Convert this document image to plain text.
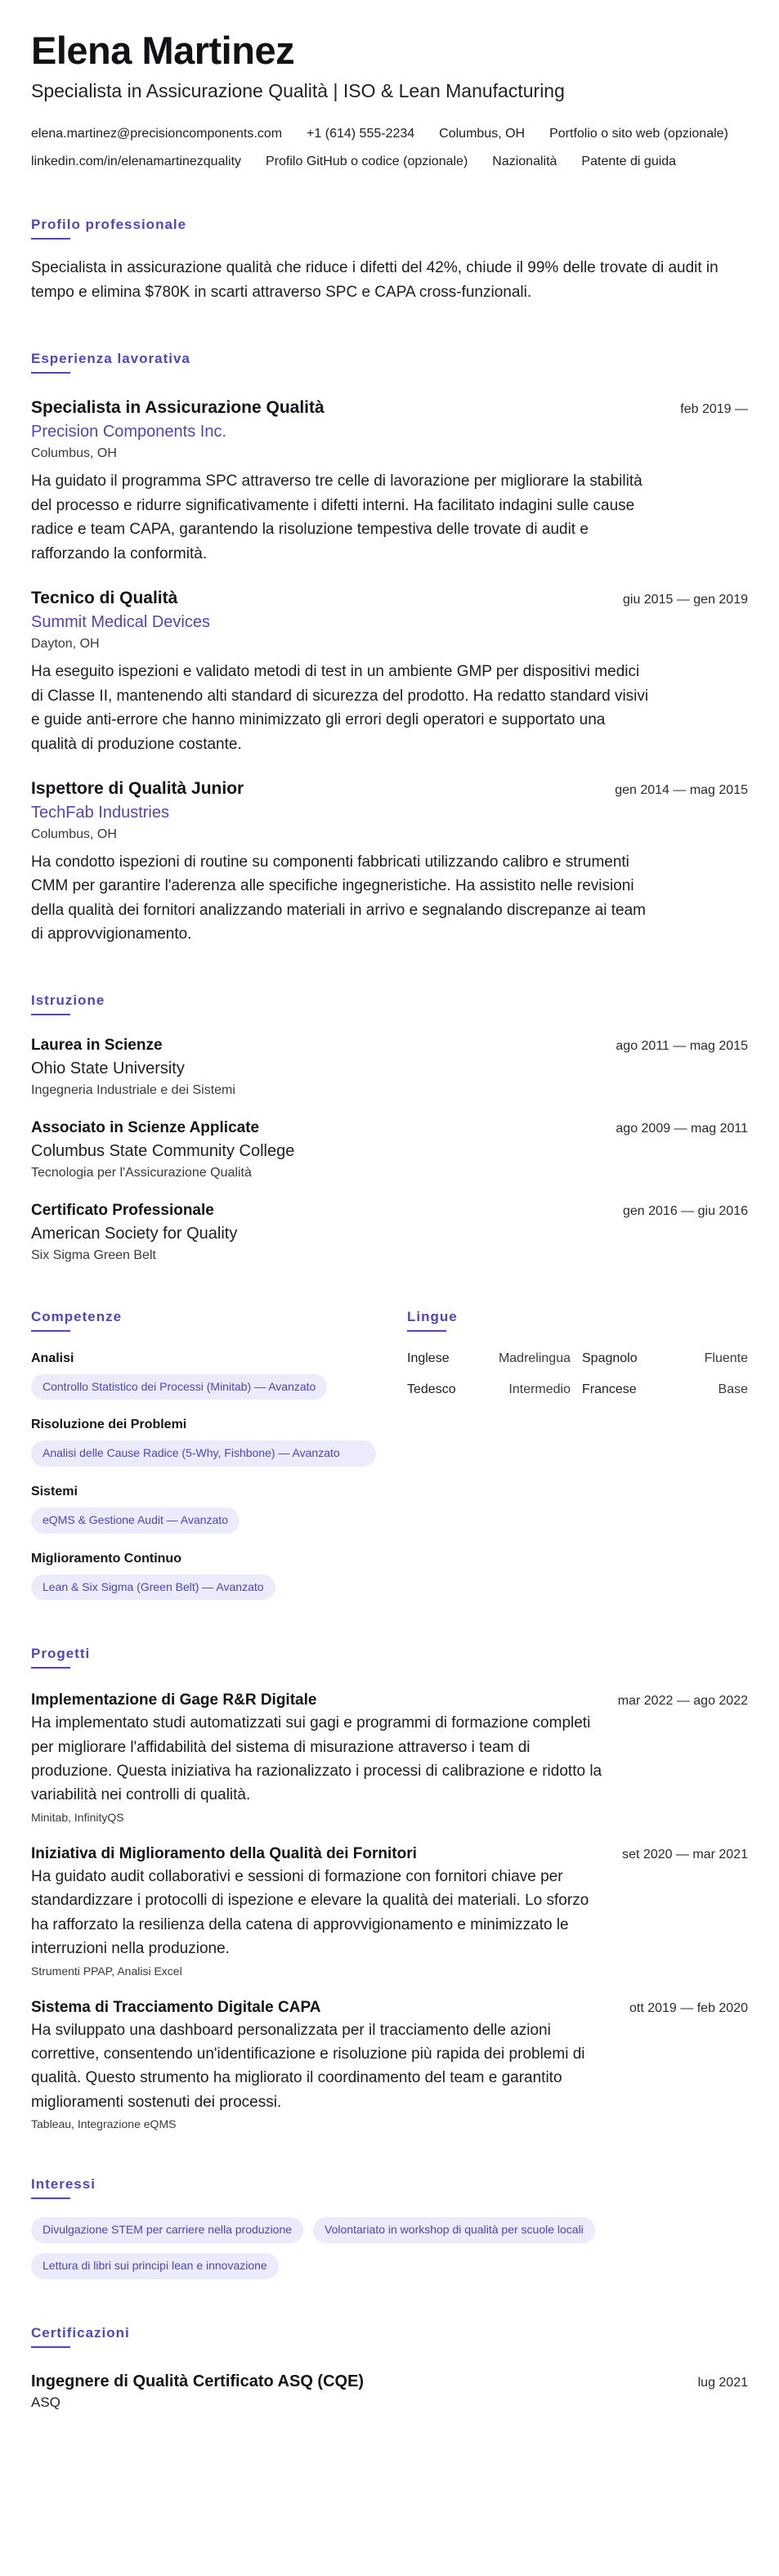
Elena Martinez
Specialista in Assicurazione Qualità | ISO & Lean Manufacturing
elena.martinez@precisioncomponents.com +1 (614) 555-2234 Columbus, OH Portfolio o sito web (opzionale)
linkedin.com/in/elenamartinezquality Profilo GitHub o codice (opzionale) Nazionalità Patente di guida
Profilo professionale

Specialista in assicurazione qualità che riduce i difetti del 42%, chiude il 99% delle trovate di audit in tempo e elimina $780K in scarti attraverso SPC e CAPA cross-funzionali.

Esperienza lavorativa
Specialista in Assicurazione Qualità	feb 2019 —
Precision Components Inc.
Columbus, OH

Ha guidato il programma SPC attraverso tre celle di lavorazione per migliorare la stabilità del processo e ridurre significativamente i difetti interni. Ha facilitato indagini sulle cause radice e team CAPA, garantendo la risoluzione tempestiva delle trovate di audit e rafforzando la conformità.

Tecnico di Qualità	giu 2015 — gen 2019
Summit Medical Devices
Dayton, OH

Ha eseguito ispezioni e validato metodi di test in un ambiente GMP per dispositivi medici di Classe II, mantenendo alti standard di sicurezza del prodotto. Ha redatto standard visivi e guide anti-errore che hanno minimizzato gli errori degli operatori e supportato una qualità di produzione costante.

Ispettore di Qualità Junior	gen 2014 — mag 2015
TechFab Industries
Columbus, OH

Ha condotto ispezioni di routine su componenti fabbricati utilizzando calibro e strumenti CMM per garantire l'aderenza alle specifiche ingegneristiche. Ha assistito nelle revisioni della qualità dei fornitori analizzando materiali in arrivo e segnalando discrepanze ai team di approvvigionamento.

Istruzione
Laurea in Scienze	ago 2011 — mag 2015
Ohio State University
Ingegneria Industriale e dei Sistemi
Associato in Scienze Applicate	ago 2009 — mag 2011
Columbus State Community College
Tecnologia per l'Assicurazione Qualità
Certificato Professionale	gen 2016 — giu 2016
American Society for Quality
Six Sigma Green Belt
Competenze
Analisi
Controllo Statistico dei Processi (Minitab) — Avanzato
Risoluzione dei Problemi
Analisi delle Cause Radice (5-Why, Fishbone) — Avanzato
Sistemi
eQMS & Gestione Audit — Avanzato
Miglioramento Continuo
Lean & Six Sigma (Green Belt) — Avanzato
Lingue
Inglese	Madrelingua Spagnolo	Fluente
Tedesco	Intermedio Francese	Base
Progetti
Implementazione di Gage R&R Digitale	mar 2022 — ago 2022

Ha implementato studi automatizzati sui gagi e programmi di formazione completi per migliorare l'affidabilità del sistema di misurazione attraverso i team di produzione. Questa iniziativa ha razionalizzato i processi di calibrazione e ridotto la variabilità nei controlli di qualità.

Minitab, InfinityQS
Iniziativa di Miglioramento della Qualità dei Fornitori	set 2020 — mar 2021

Ha guidato audit collaborativi e sessioni di formazione con fornitori chiave per standardizzare i protocolli di ispezione e elevare la qualità dei materiali. Lo sforzo ha rafforzato la resilienza della catena di approvvigionamento e minimizzato le interruzioni nella produzione.

Strumenti PPAP, Analisi Excel
Sistema di Tracciamento Digitale CAPA	ott 2019 — feb 2020

Ha sviluppato una dashboard personalizzata per il tracciamento delle azioni correttive, consentendo un'identificazione e risoluzione più rapida dei problemi di qualità. Questo strumento ha migliorato il coordinamento del team e garantito miglioramenti sostenuti dei processi.

Tableau, Integrazione eQMS
Interessi
Divulgazione STEM per carriere nella produzione	Volontariato in workshop di qualità per scuole locali
Lettura di libri sui principi lean e innovazione
Certificazioni
Ingegnere di Qualità Certificato ASQ (CQE)	lug 2021
ASQ
